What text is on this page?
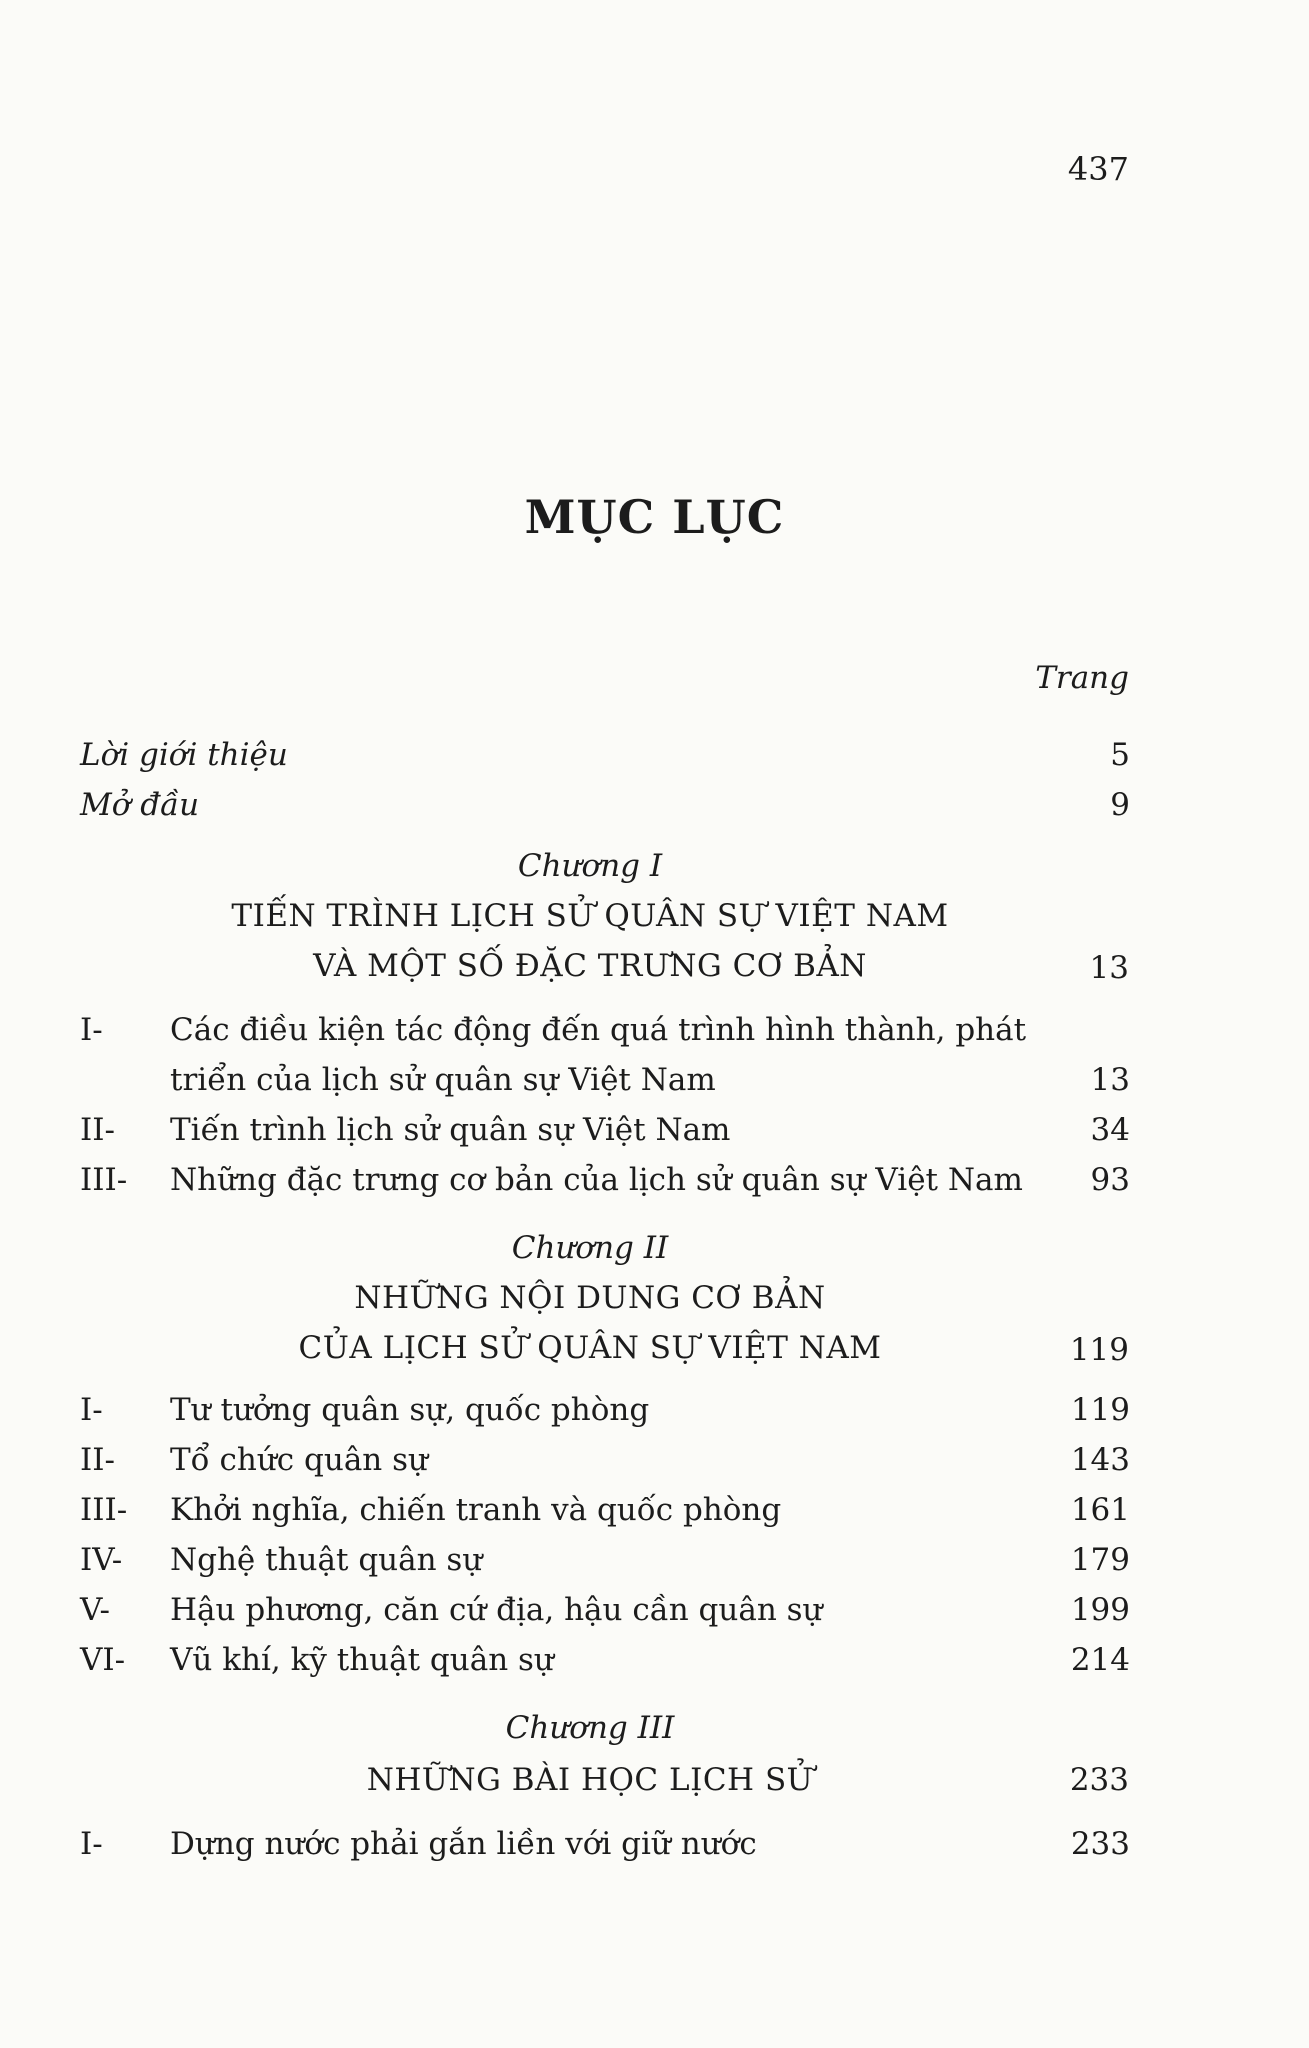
437
MỤC LỤC
Trang
Lời giới thiệu	5
Mở đầu	9
Chương I
TIẾN TRÌNH LỊCH SỬ QUÂN SỰ VIỆT NAM
VÀ MỘT SỐ ĐẶC TRƯNG CƠ BẢN	13
I- Các điều kiện tác động đến quá trình hình thành, phát
triển của lịch sử quân sự Việt Nam	13
II- Tiến trình lịch sử quân sự Việt Nam	34
III- Những đặc trưng cơ bản của lịch sử quân sự Việt Nam 93
Chương II
NHỮNG NỘI DUNG CƠ BẢN
CỦA LỊCH SỬ QUÂN SỰ VIỆT NAM	119
I- Tư tưởng quân sự, quốc phòng	119
II- Tổ chức quân sự	143
III- Khởi nghĩa, chiến tranh và quốc phòng	161
IV- Nghệ thuật quân sự	179
V- Hậu phương, căn cứ địa, hậu cần quân sự	199
VI- Vũ khí, kỹ thuật quân sự	214
Chương III
NHỮNG BÀI HỌC LỊCH SỬ	233
I- Dựng nước phải gắn liền với giữ nước	233
